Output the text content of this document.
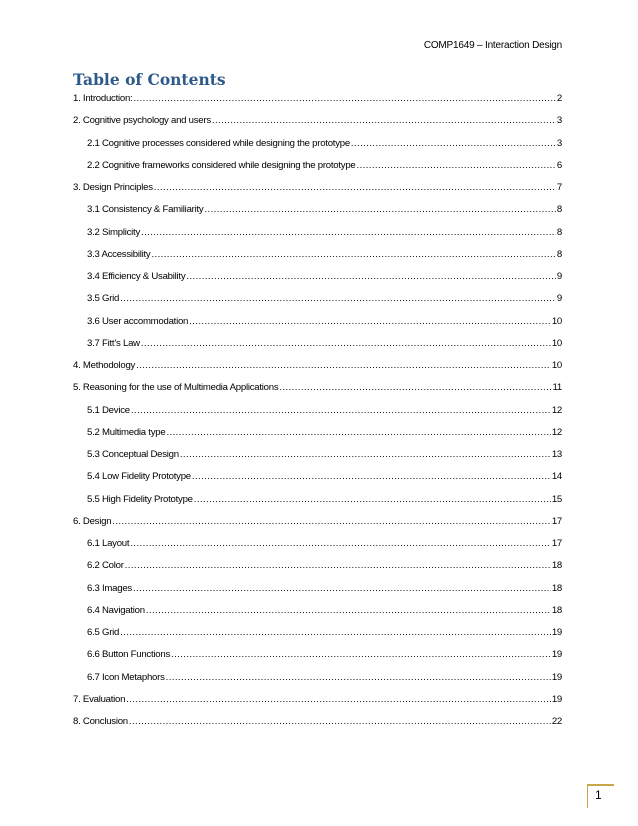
COMP1649 – Interaction Design
Table of Contents
1. Introduction: .....	2
2. Cognitive psychology and users .....	3
2.1 Cognitive processes considered while designing the prototype .....	3
2.2 Cognitive frameworks considered while designing the prototype .....	6
3. Design Principles .....	7
3.1 Consistency & Familiarity .....	8
3.2 Simplicity .....	8
3.3 Accessibility .....	8
3.4 Efficiency & Usability .....	9
3.5 Grid .....	9
3.6 User accommodation .....	10
3.7 Fitt’s Law .....	10
4. Methodology .....	10
5. Reasoning for the use of Multimedia Applications .....	11
5.1 Device .....	12
5.2 Multimedia type .....	12
5.3 Conceptual Design .....	13
5.4 Low Fidelity Prototype .....	14
5.5 High Fidelity Prototype .....	15
6. Design .....	17
6.1 Layout .....	17
6.2 Color .....	18
6.3 Images .....	18
6.4 Navigation .....	18
6.5 Grid .....	19
6.6 Button Functions .....	19
6.7 Icon Metaphors .....	19
7. Evaluation .....	19
8. Conclusion .....	22
1
